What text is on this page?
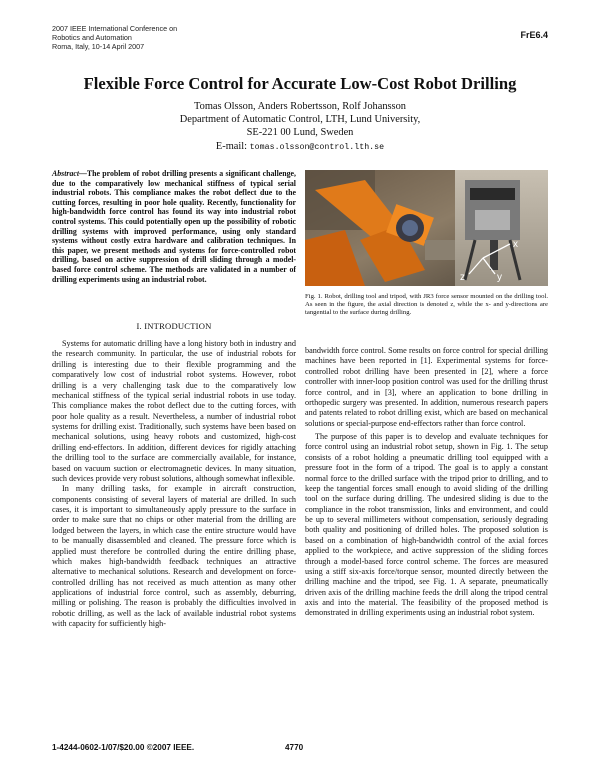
2007 IEEE International Conference on
Robotics and Automation
Roma, Italy, 10-14 April 2007
FrE6.4
Flexible Force Control for Accurate Low-Cost Robot Drilling
Tomas Olsson, Anders Robertsson, Rolf Johansson
Department of Automatic Control, LTH, Lund University,
SE-221 00 Lund, Sweden
E-mail: tomas.olsson@control.lth.se
Abstract—The problem of robot drilling presents a significant challenge, due to the comparatively low mechanical stiffness of typical serial industrial robots. This compliance makes the robot deflect due to the cutting forces, resulting in poor hole quality. Recently, functionality for high-bandwidth force control has found its way into industrial robot control systems. This could potentially open up the possibility of robotic drilling systems with improved performance, using only standard systems without costly extra hardware and calibration techniques. In this paper, we present methods and systems for force-controlled robot drilling, based on active suppression of drill sliding through a model-based force control scheme. The methods are validated in a number of drilling experiments using an industrial robot.
x
y
z
Fig. 1. Robot, drilling tool and tripod, with JR3 force sensor mounted on the drilling tool. As seen in the figure, the axial direction is denoted z, while the x- and y-directions are tangential to the surface during drilling.
I. INTRODUCTION

Systems for automatic drilling have a long history both in industry and the research community. In particular, the use of industrial robots for drilling is interesting due to their flexible programming and the comparatively low cost of industrial robot systems. However, robot drilling is a very challenging task due to the comparatively low mechanical stiffness of the typical serial industrial robots in use today. This compliance makes the robot deflect due to the cutting forces, with poor hole quality as a result. Nevertheless, a number of industrial robot systems for drilling exist. Traditionally, such systems have been based on mechanical solutions, using heavy robots and customized, high-cost drilling end-effectors. In addition, different devices for rigidly attaching the drilling tool to the surface are commercially available, for instance, based on vacuum suction or electromagnetic devices. In many situation, such devices provide very robust solutions, although somewhat inflexible.

In many drilling tasks, for example in aircraft construction, components consisting of several layers of material are drilled. In such cases, it is important to simultaneously apply pressure to the surface in order to make sure that no chips or other material from the drilling are lodged between the layers, in which case the entire structure would have to be manually disassembled and cleaned. The pressure force which is applied must therefore be controlled during the entire drilling phase, which makes high-bandwidth feedback techniques an attractive alternative to mechanical solutions. Research and development on force-controlled drilling has not received as much attention as many other applications of industrial force control, such as assembly, deburring, milling or polishing. The reason is probably the difficulties involved in robotic drilling, as well as the lack of available industrial robot systems with capacity for sufficiently high-

bandwidth force control. Some results on force control for special drilling machines have been reported in [1]. Experimental systems for force-controlled robot drilling have been presented in [2], where a force controller with inner-loop position control was used for the drilling thrust force control, and in [3], where an application to bone drilling in orthopedic surgery was presented. In addition, numerous research papers and patents related to robot drilling exist, which are based on mechanical solutions or special-purpose end-effectors rather than force control.

The purpose of this paper is to develop and evaluate techniques for force control using an industrial robot setup, shown in Fig. 1. The setup consists of a robot holding a pneumatic drilling tool equipped with a pressure foot in the form of a tripod. The goal is to apply a constant normal force to the drilled surface with the tripod prior to drilling, and to keep the tangential forces small enough to avoid sliding of the drilling tool on the surface during drilling. The undesired sliding is due to the compliance in the robot transmission, links and environment, and could be up to several millimeters without compensation, seriously degrading both quality and positioning of drilled holes. The proposed solution is based on a combination of high-bandwidth control of the axial forces applied to the workpiece, and active suppression of the sliding forces through a model-based force control scheme. The forces are measured using a stiff six-axis force/torque sensor, mounted directly between the drilling machine and the tripod, see Fig. 1. A separate, pneumatically driven axis of the drilling machine feeds the drill along the tripod central axis and into the material. The feasibility of the proposed method is demonstrated in drilling experiments using an industrial robot system.

1-4244-0602-1/07/$20.00 ©2007 IEEE.	4770
